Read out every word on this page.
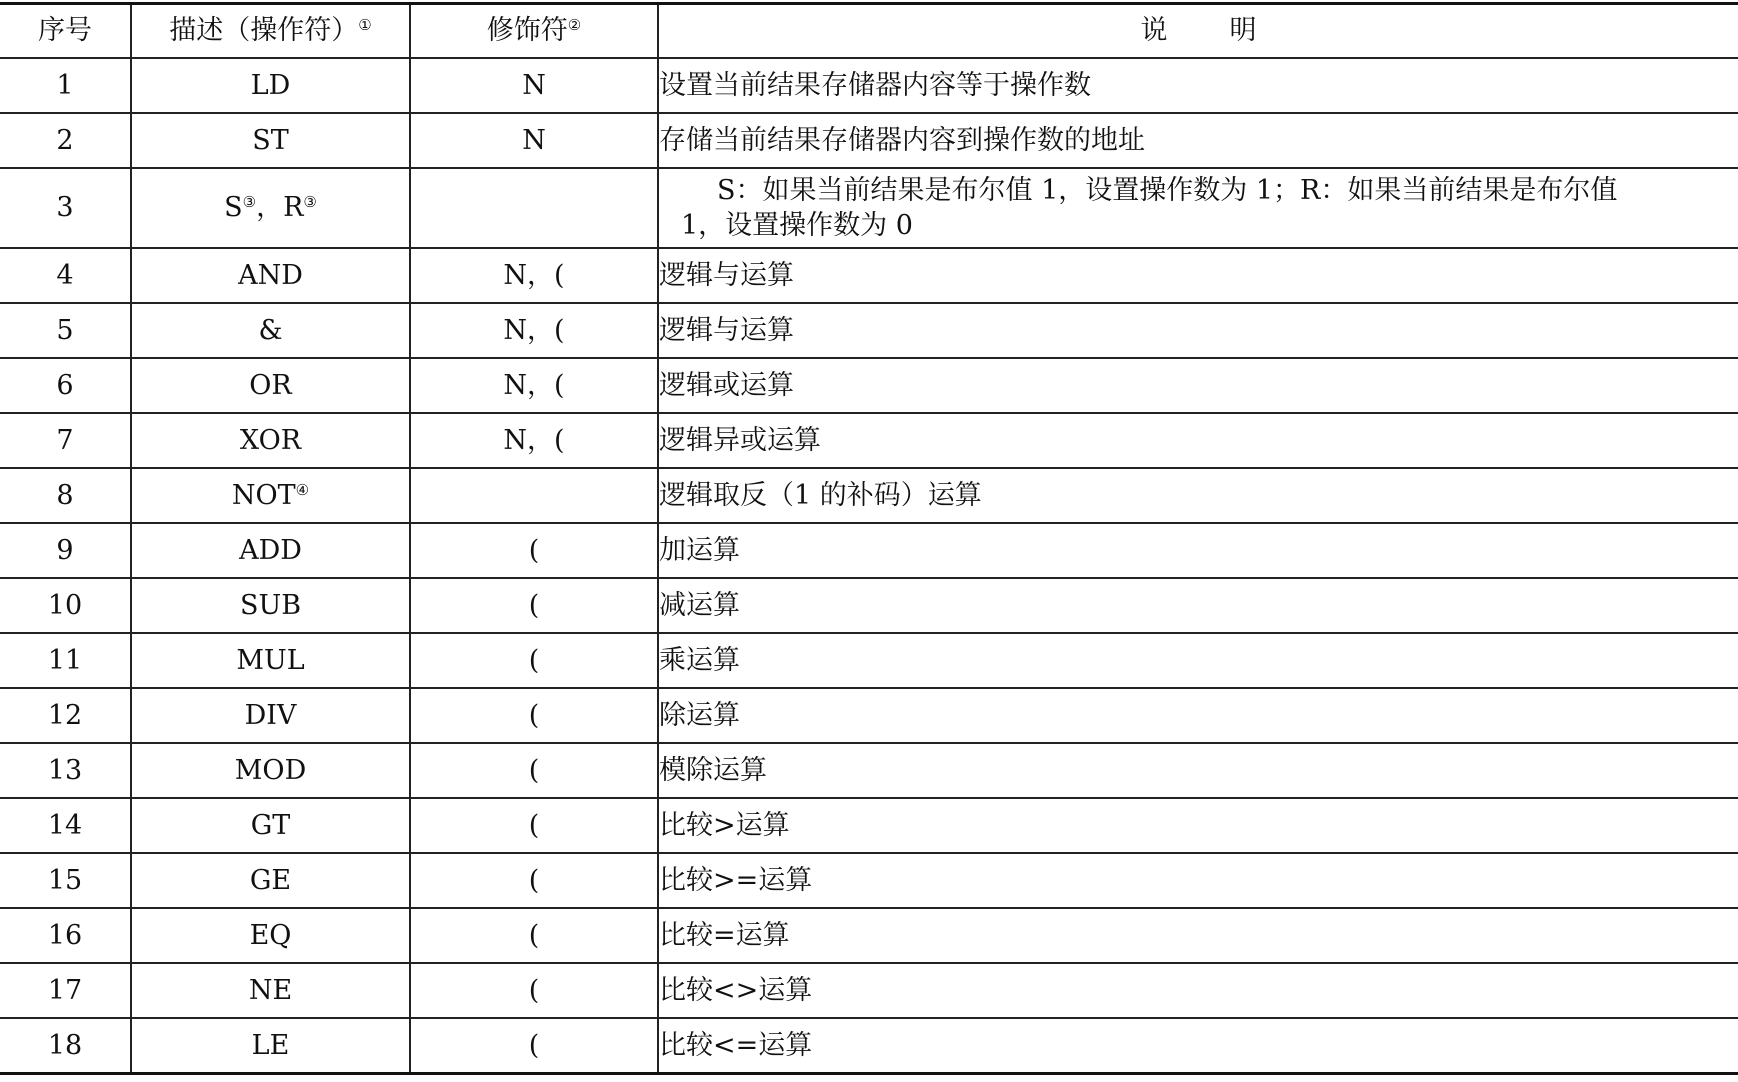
序号	描述（操作符）①	修饰符②	说 明
1	LD	N	设置当前结果存储器内容等于操作数
2	ST	N	存储当前结果存储器内容到操作数的地址
3	S③，R③		S：如果当前结果是布尔值 1，设置操作数为 1；R：如果当前结果是布尔值
1，设置操作数为 0

4	AND	N，(	逻辑与运算
5	&	N，(	逻辑与运算
6	OR	N，(	逻辑或运算
7	XOR	N，(	逻辑异或运算
8	NOT④		逻辑取反（1 的补码）运算
9	ADD	(	加运算
10	SUB	(	减运算
11	MUL	(	乘运算
12	DIV	(	除运算
13	MOD	(	模除运算
14	GT	(	比较>运算
15	GE	(	比较>=运算
16	EQ	(	比较=运算
17	NE	(	比较<>运算
18	LE	(	比较<=运算
